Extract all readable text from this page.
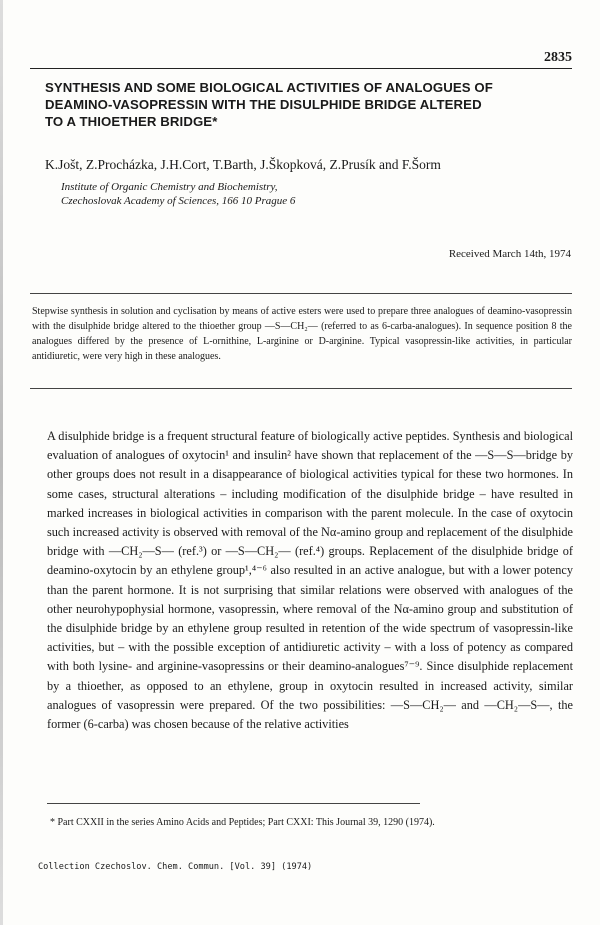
2835
SYNTHESIS AND SOME BIOLOGICAL ACTIVITIES OF ANALOGUES OF
DEAMINO-VASOPRESSIN WITH THE DISULPHIDE BRIDGE ALTERED
TO A THIOETHER BRIDGE*
K.Jošt, Z.Procházka, J.H.Cort, T.Barth, J.Škopková, Z.Prusík and F.Šorm
Institute of Organic Chemistry and Biochemistry,
Czechoslovak Academy of Sciences, 166 10 Prague 6
Received March 14th, 1974

Stepwise synthesis in solution and cyclisation by means of active esters were used to prepare three analogues of deamino-vasopressin with the disulphide bridge altered to the thioether group —S—CH₂— (referred to as 6-carba-analogues). In sequence position 8 the analogues differed by the presence of L-ornithine, L-arginine or D-arginine. Typical vasopressin-like activities, in particular antidiuretic, were very high in these analogues.

A disulphide bridge is a frequent structural feature of biologically active peptides. Synthesis and biological evaluation of analogues of oxytocin¹ and insulin² have shown that replacement of the —S—S—bridge by other groups does not result in a disappearance of biological activities typical for these two hormones. In some cases, structural alterations – including modification of the disulphide bridge – have resulted in marked increases in biological activities in comparison with the parent molecule. In the case of oxytocin such increased activity is observed with removal of the Nα-amino group and replacement of the disulphide bridge with —CH₂—S— (ref.³) or —S—CH₂— (ref.⁴) groups. Replacement of the disulphide bridge of deamino-oxytocin by an ethylene group¹,⁴⁻⁶ also resulted in an active analogue, but with a lower potency than the parent hormone. It is not surprising that similar relations were observed with analogues of the other neurohypophysial hormone, vasopressin, where removal of the Nα-amino group and substitution of the disulphide bridge by an ethylene group resulted in retention of the wide spectrum of vasopressin-like activities, but – with the possible exception of antidiuretic activity – with a loss of potency as compared with both lysine- and arginine-vasopressins or their deamino-analogues⁷⁻⁹. Since disulphide replacement by a thioether, as opposed to an ethylene, group in oxytocin resulted in increased activity, similar analogues of vasopressin were prepared. Of the two possibilities: —S—CH₂— and —CH₂—S—, the former (6-carba) was chosen because of the relative activities

* Part CXXII in the series Amino Acids and Peptides; Part CXXI: This Journal 39, 1290 (1974).

Collection Czechoslov. Chem. Commun. [Vol. 39] (1974)
